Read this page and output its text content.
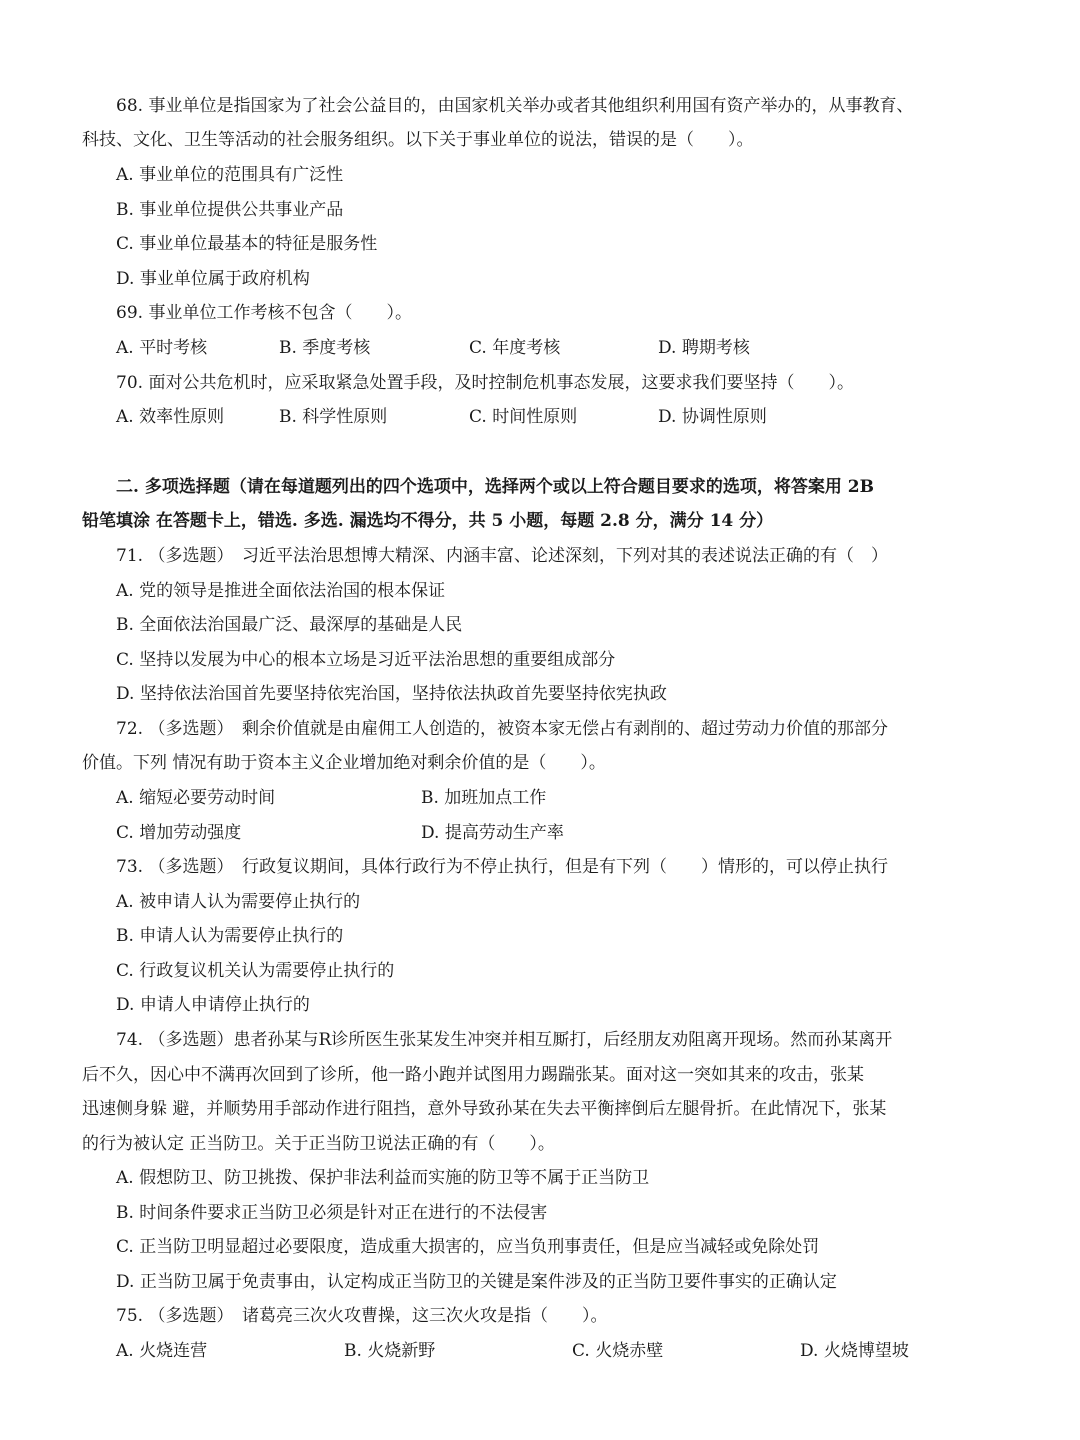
68. 事业单位是指国家为了社会公益目的，由国家机关举办或者其他组织利用国有资产举办的，从事教育、
科技、文化、卫生等活动的社会服务组织。以下关于事业单位的说法，错误的是（　　）。
A. 事业单位的范围具有广泛性
B. 事业单位提供公共事业产品
C. 事业单位最基本的特征是服务性
D. 事业单位属于政府机构
69. 事业单位工作考核不包含（　　）。
A. 平时考核	B. 季度考核	C. 年度考核	D. 聘期考核
70. 面对公共危机时，应采取紧急处置手段，及时控制危机事态发展，这要求我们要坚持（　　）。
A. 效率性原则	B. 科学性原则	C. 时间性原则	D. 协调性原则
二. 多项选择题（请在每道题列出的四个选项中，选择两个或以上符合题目要求的选项，将答案用 2B
铅笔填涂 在答题卡上，错选. 多选. 漏选均不得分，共 5 小题，每题 2.8 分，满分 14 分）
71. （多选题）　习近平法治思想博大精深、内涵丰富、论述深刻，下列对其的表述说法正确的有（　）
A. 党的领导是推进全面依法治国的根本保证
B. 全面依法治国最广泛、最深厚的基础是人民
C. 坚持以发展为中心的根本立场是习近平法治思想的重要组成部分
D. 坚持依法治国首先要坚持依宪治国，坚持依法执政首先要坚持依宪执政
72. （多选题）　剩余价值就是由雇佣工人创造的，被资本家无偿占有剥削的、超过劳动力价值的那部分
价值。下列 情况有助于资本主义企业增加绝对剩余价值的是（　　）。
A. 缩短必要劳动时间	B. 加班加点工作
C. 增加劳动强度	D. 提高劳动生产率
73. （多选题）　行政复议期间，具体行政行为不停止执行，但是有下列（　　）情形的，可以停止执行
A. 被申请人认为需要停止执行的
B. 申请人认为需要停止执行的
C. 行政复议机关认为需要停止执行的
D. 申请人申请停止执行的
74. （多选题）患者孙某与R诊所医生张某发生冲突并相互厮打，后经朋友劝阻离开现场。然而孙某离开
后不久，因心中不满再次回到了诊所，他一路小跑并试图用力踢踹张某。面对这一突如其来的攻击，张某
迅速侧身躲 避，并顺势用手部动作进行阻挡，意外导致孙某在失去平衡摔倒后左腿骨折。在此情况下，张某
的行为被认定 正当防卫。关于正当防卫说法正确的有（　　）。
A. 假想防卫、防卫挑拨、保护非法利益而实施的防卫等不属于正当防卫
B. 时间条件要求正当防卫必须是针对正在进行的不法侵害
C. 正当防卫明显超过必要限度，造成重大损害的，应当负刑事责任，但是应当减轻或免除处罚
D. 正当防卫属于免责事由，认定构成正当防卫的关键是案件涉及的正当防卫要件事实的正确认定
75. （多选题）　诸葛亮三次火攻曹操，这三次火攻是指（　　）。
A. 火烧连营	B. 火烧新野	C. 火烧赤壁	D. 火烧博望坡
